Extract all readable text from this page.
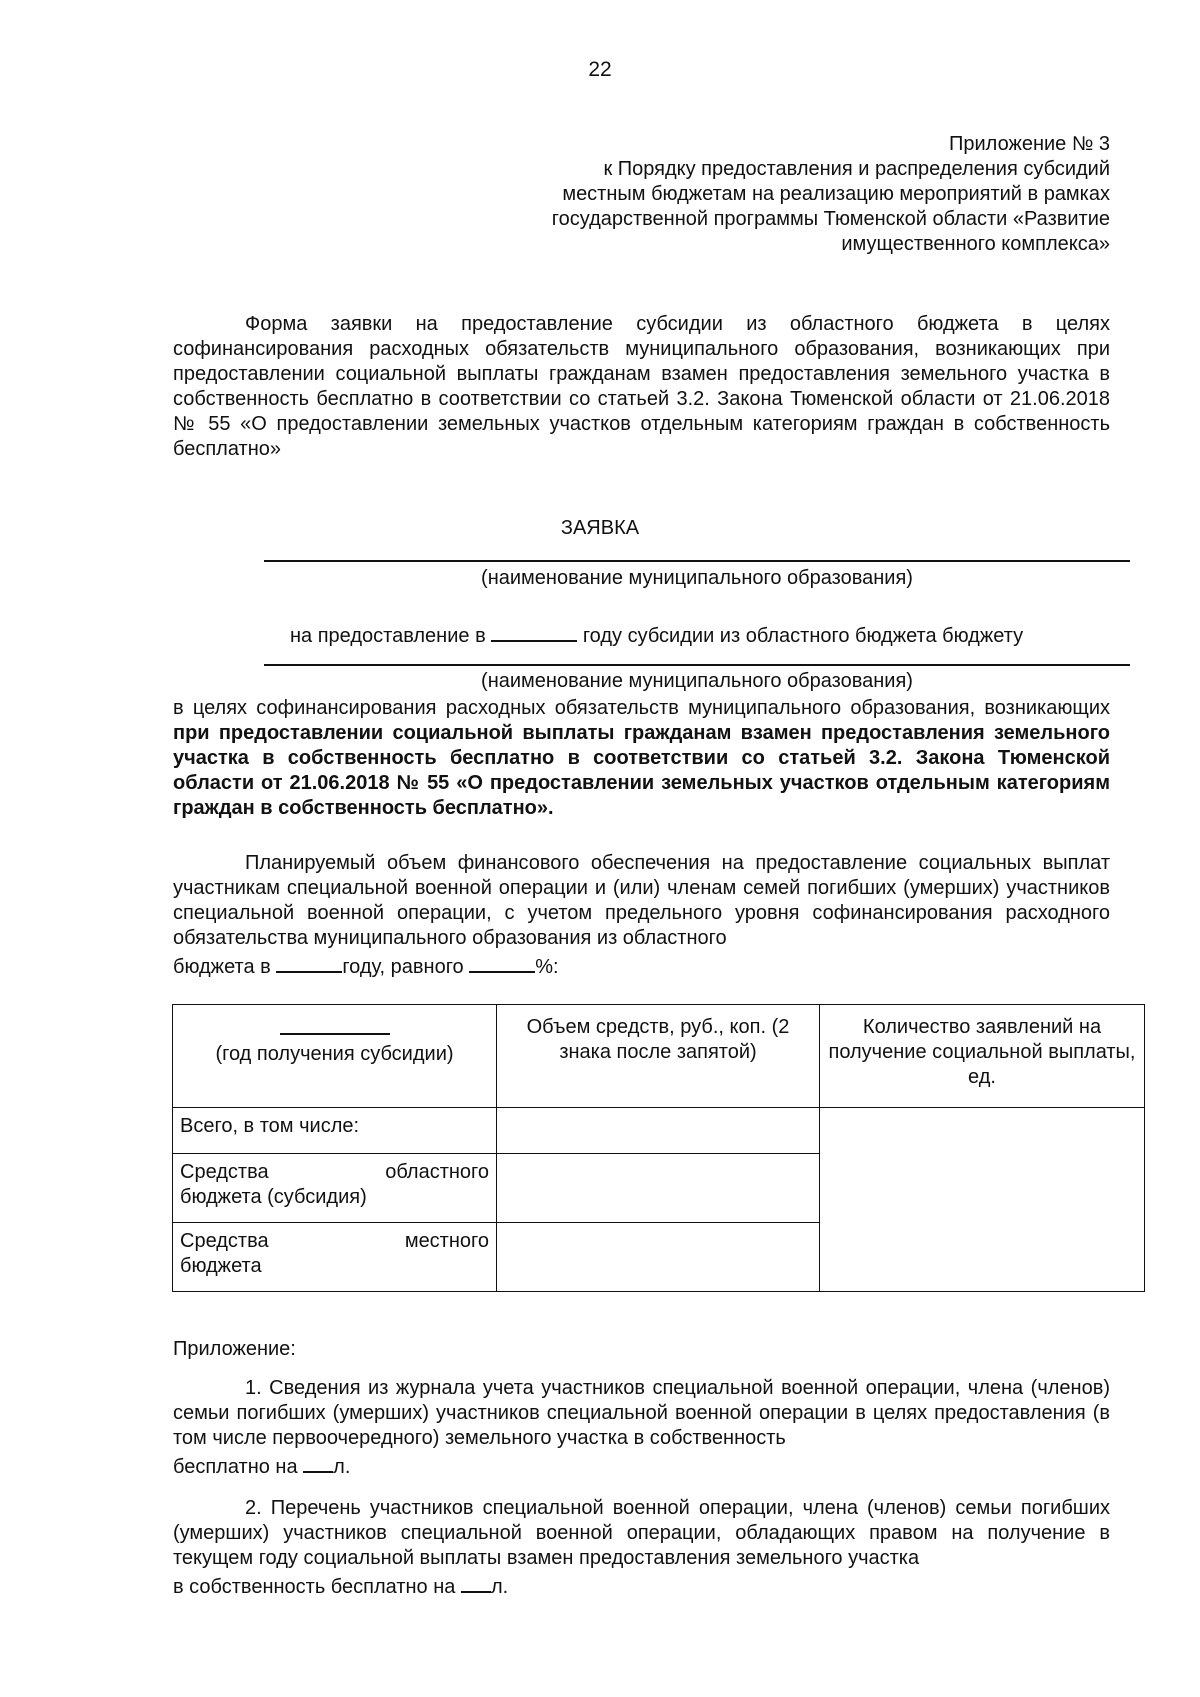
22
Приложение № 3
к Порядку предоставления и распределения субсидий
местным бюджетам на реализацию мероприятий в рамках
государственной программы Тюменской области «Развитие
имущественного комплекса»
Форма заявки на предоставление субсидии из областного бюджета в целях софинансирования расходных обязательств муниципального образования, возникающих при предоставлении социальной выплаты гражданам взамен предоставления земельного участка в собственность бесплатно в соответствии со статьей 3.2. Закона Тюменской области от 21.06.2018 № 55 «О предоставлении земельных участков отдельным категориям граждан в собственность бесплатно»
ЗАЯВКА
(наименование муниципального образования)
на предоставление в	году субсидии из областного бюджета бюджету
(наименование муниципального образования)
в целях софинансирования расходных обязательств муниципального образования, возникающих при предоставлении социальной выплаты гражданам взамен предоставления земельного участка в собственность бесплатно в соответствии со статьей 3.2. Закона Тюменской области от 21.06.2018 № 55 «О предоставлении земельных участков отдельным категориям граждан в собственность бесплатно».
Планируемый объем финансового обеспечения на предоставление социальных выплат участникам специальной военной операции и (или) членам семей погибших (умерших) участников специальной военной операции, с учетом предельного уровня софинансирования расходного обязательства муниципального образования из областного
бюджета в	году, равного	%:
(год получения субсидии)	Объем средств, руб., коп. (2 знака после запятой)	Количество заявлений на получение социальной выплаты, ед.
Всего, в том числе:		

Средства областного
бюджета (субсидия)		

Средства местного
бюджета		

Приложение:
1. Сведения из журнала учета участников специальной военной операции, члена (членов) семьи погибших (умерших) участников специальной военной операции в целях предоставления (в том числе первоочередного) земельного участка в собственность
бесплатно на л.
2. Перечень участников специальной военной операции, члена (членов) семьи погибших (умерших) участников специальной военной операции, обладающих правом на получение в текущем году социальной выплаты взамен предоставления земельного участка
в собственность бесплатно на л.
